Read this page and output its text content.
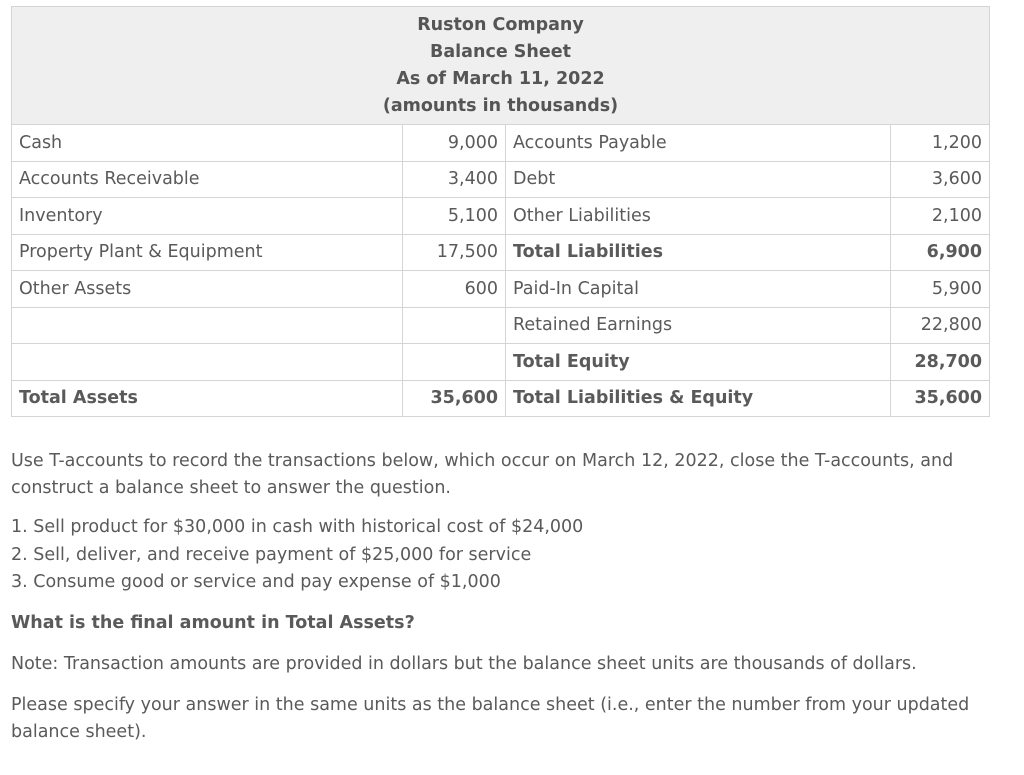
Ruston Company
Balance Sheet
As of March 11, 2022
(amounts in thousands)			

Cash	9,000	Accounts Payable	1,200
Accounts Receivable	3,400	Debt	3,600
Inventory	5,100	Other Liabilities	2,100
Property Plant & Equipment	17,500	Total Liabilities	6,900
Other Assets	600	Paid-In Capital	5,900
		Retained Earnings	22,800
		Total Equity	28,700
Total Assets	35,600	Total Liabilities & Equity	35,600

Use T-accounts to record the transactions below, which occur on March 12, 2022, close the T-accounts, and construct a balance sheet to answer the question.

1. Sell product for $30,000 in cash with historical cost of $24,000
2. Sell, deliver, and receive payment of $25,000 for service
3. Consume good or service and pay expense of $1,000

What is the final amount in Total Assets?

Note: Transaction amounts are provided in dollars but the balance sheet units are thousands of dollars.

Please specify your answer in the same units as the balance sheet (i.e., enter the number from your updated balance sheet).
